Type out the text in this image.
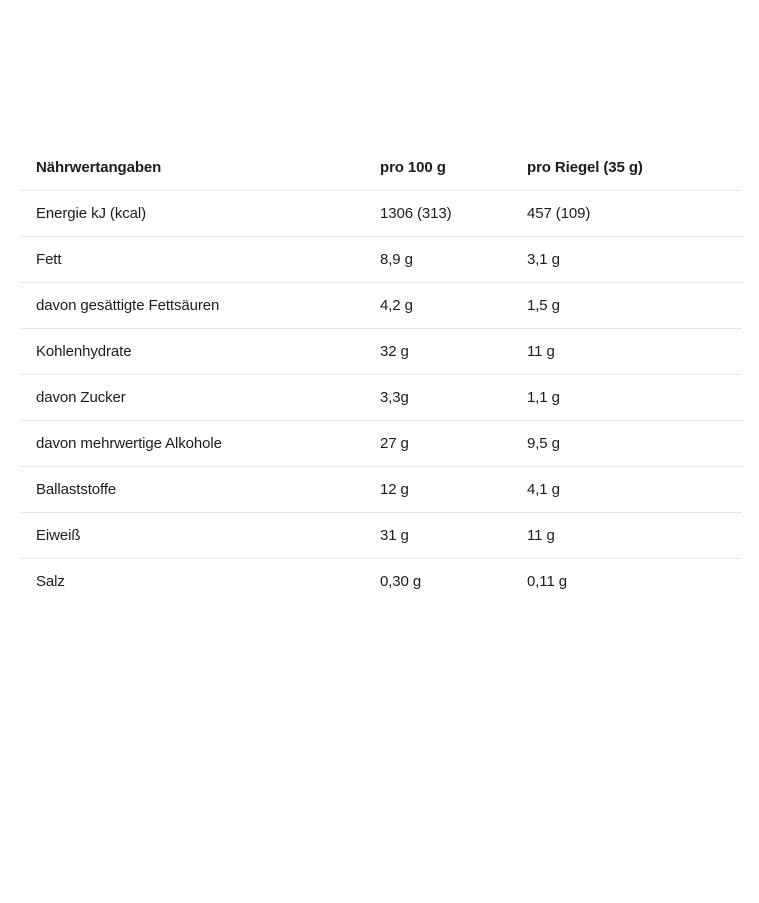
Nährwertangaben	pro 100 g	pro Riegel (35 g)
Energie kJ (kcal)	1306 (313)	457 (109)
Fett	8,9 g	3,1 g
davon gesättigte Fettsäuren	4,2 g	1,5 g
Kohlenhydrate	32 g	11 g
davon Zucker	3,3g	1,1 g
davon mehrwertige Alkohole	27 g	9,5 g
Ballaststoffe	12 g	4,1 g
Eiweiß	31 g	11 g
Salz	0,30 g	0,11 g
